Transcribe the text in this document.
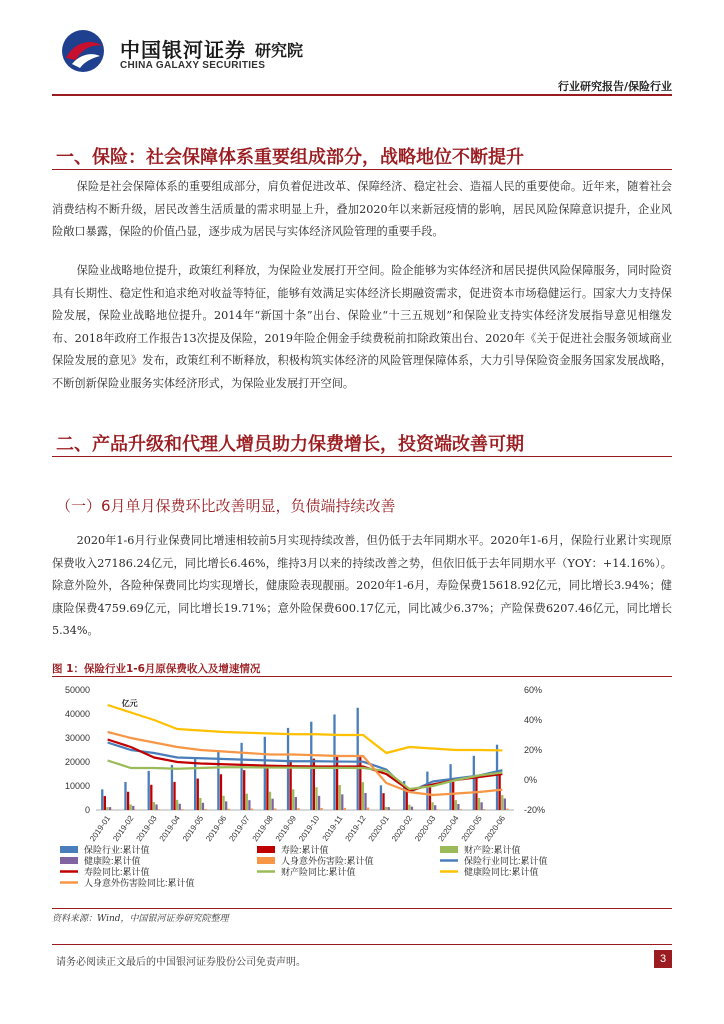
中国银河证券
CHINA GALAXY SECURITIES
研究院
行业研究报告/保险行业
一、保险：社会保障体系重要组成部分，战略地位不断提升
保险是社会保障体系的重要组成部分，肩负着促进改革、保障经济、稳定社会、造福人民的重要使命。近年来，随着社会消费结构不断升级，居民改善生活质量的需求明显上升，叠加2020年以来新冠疫情的影响，居民风险保障意识提升，企业风险敞口暴露，保险的价值凸显，逐步成为居民与实体经济风险管理的重要手段。
保险业战略地位提升，政策红利释放，为保险业发展打开空间。险企能够为实体经济和居民提供风险保障服务，同时险资具有长期性、稳定性和追求绝对收益等特征，能够有效满足实体经济长期融资需求，促进资本市场稳健运行。国家大力支持保险发展，保险业战略地位提升。2014年“新国十条”出台、保险业“十三五规划”和保险业支持实体经济发展指导意见相继发布、2018年政府工作报告13次提及保险，2019年险企佣金手续费税前扣除政策出台、2020年《关于促进社会服务领域商业保险发展的意见》发布，政策红利不断释放，积极构筑实体经济的风险管理保障体系，大力引导保险资金服务国家发展战略，不断创新保险业服务实体经济形式，为保险业发展打开空间。
二、产品升级和代理人增员助力保费增长，投资端改善可期
（一）6月单月保费环比改善明显，负债端持续改善
2020年1-6月行业保费同比增速相较前5月实现持续改善，但仍低于去年同期水平。2020年1-6月，保险行业累计实现原保费收入27186.24亿元，同比增长6.46%，维持3月以来的持续改善之势，但依旧低于去年同期水平（YOY：+14.16%）。除意外险外，各险种保费同比均实现增长，健康险表现靓丽。2020年1-6月，寿险保费15618.92亿元，同比增长3.94%；健康险保费4759.69亿元，同比增长19.71%；意外险保费600.17亿元，同比减少6.37%；产险保费6207.46亿元，同比增长5.34%。
图 1：保险行业1-6月原保费收入及增速情况
0
10000
20000
30000
40000
50000
-20%
0%
20%
40%
60%
亿元
2019-01 2019-02 2019-03 2019-04 2019-05 2019-06 2019-07 2019-08 2019-09 2019-10 2019-11 2019-12 2020-01 2020-02 2020-03 2020-04 2020-05 2020-06
保险行业:累计值	寿险:累计值	财产险:累计值
健康险:累计值	人身意外伤害险:累计值	保险行业同比:累计值
寿险同比:累计值	财产险同比:累计值	健康险同比:累计值
人身意外伤害险同比:累计值
资料来源：Wind，中国银河证券研究院整理
请务必阅读正文最后的中国银河证券股份公司免责声明。	3
